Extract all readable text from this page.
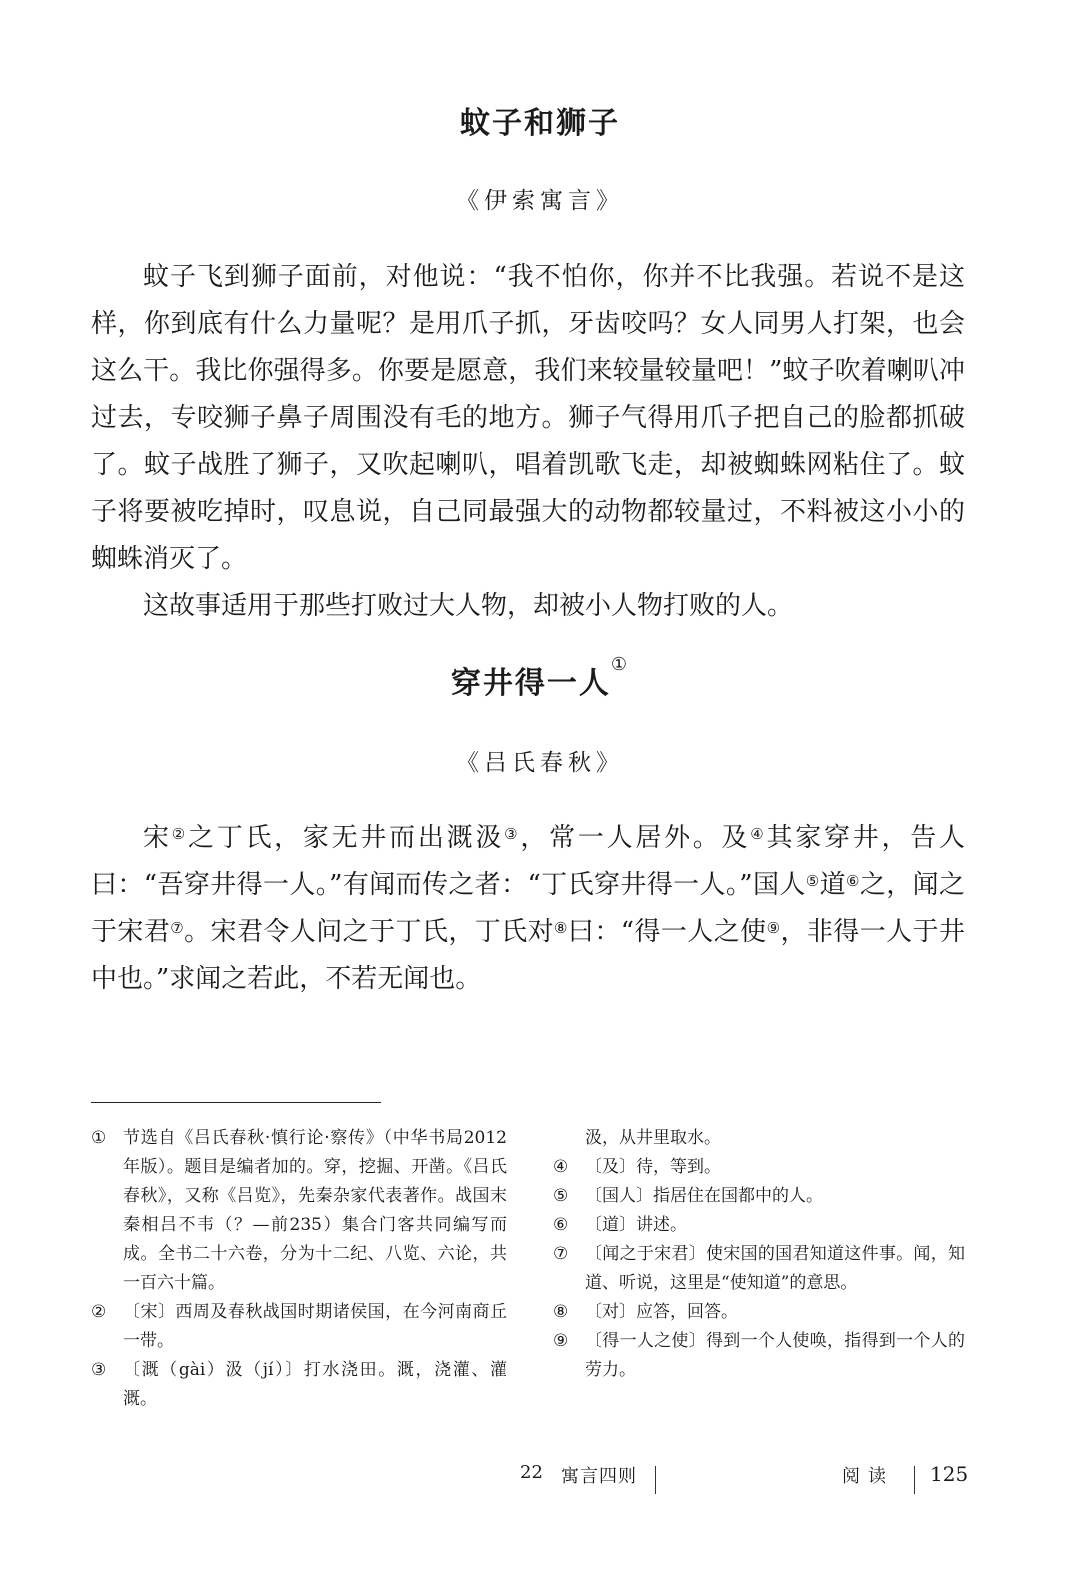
蚊子和狮子
《伊索寓言》

蚊子飞到狮子面前，对他说：“我不怕你，你并不比我强。若说不是这样，你到底有什么力量呢？是用爪子抓，牙齿咬吗？女人同男人打架，也会这么干。我比你强得多。你要是愿意，我们来较量较量吧！”蚊子吹着喇叭冲过去，专咬狮子鼻子周围没有毛的地方。狮子气得用爪子把自己的脸都抓破了。蚊子战胜了狮子，又吹起喇叭，唱着凯歌飞走，却被蜘蛛网粘住了。蚊子将要被吃掉时，叹息说，自己同最强大的动物都较量过，不料被这小小的蜘蛛消灭了。

这故事适用于那些打败过大人物，却被小人物打败的人。

穿井得一人①
《吕氏春秋》

宋②之丁氏，家无井而出溉汲③，常一人居外。及④其家穿井，告人曰：“吾穿井得一人。”有闻而传之者：“丁氏穿井得一人。”国人⑤道⑥之，闻之于宋君⑦。宋君令人问之于丁氏，丁氏对⑧曰：“得一人之使⑨，非得一人于井中也。”求闻之若此，不若无闻也。

① 节选自《吕氏春秋·慎行论·察传》（中华书局2012年版）。题目是编者加的。穿，挖掘、开凿。《吕氏春秋》，又称《吕览》，先秦杂家代表著作。战国末秦相吕不韦（？—前235）集合门客共同编写而成。全书二十六卷，分为十二纪、八览、六论，共一百六十篇。
② 〔宋〕西周及春秋战国时期诸侯国，在今河南商丘一带。
③ 〔溉（gài）汲（jí）〕打水浇田。溉，浇灌、灌溉。
汲，从井里取水。
④ 〔及〕待，等到。
⑤ 〔国人〕指居住在国都中的人。
⑥ 〔道〕讲述。
⑦ 〔闻之于宋君〕使宋国的国君知道这件事。闻，知道、听说，这里是“使知道”的意思。
⑧ 〔对〕应答，回答。
⑨ 〔得一人之使〕得到一个人使唤，指得到一个人的劳力。
22 寓言四则	阅读 125
